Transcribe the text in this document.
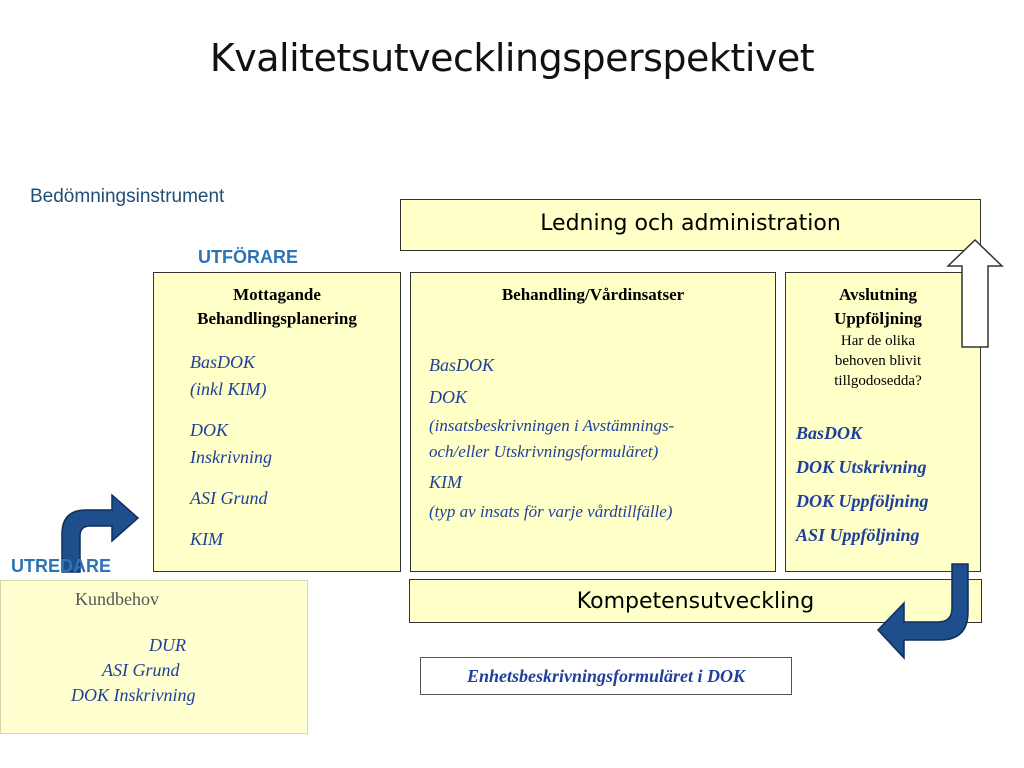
Kvalitetsutvecklingsperspektivet
Bedömningsinstrument
UTFÖRARE
Ledning och administration
Mottagande
Behandlingsplanering
BasDOK
(inkl KIM)
DOK
Inskrivning
ASI Grund
KIM
Behandling/Vårdinsatser
BasDOK
DOK
(insatsbeskrivningen i Avstämnings-
och/eller Utskrivningsformuläret)
KIM
(typ av insats för varje vårdtillfälle)
Avslutning
Uppföljning
Har de olika
behoven blivit
tillgodosedda?
BasDOK
DOK Utskrivning
DOK Uppföljning
ASI Uppföljning
Kompetensutveckling
Kundbehov
DUR
ASI Grund
DOK Inskrivning
Enhetsbeskrivningsformuläret i DOK
UTREDARE
